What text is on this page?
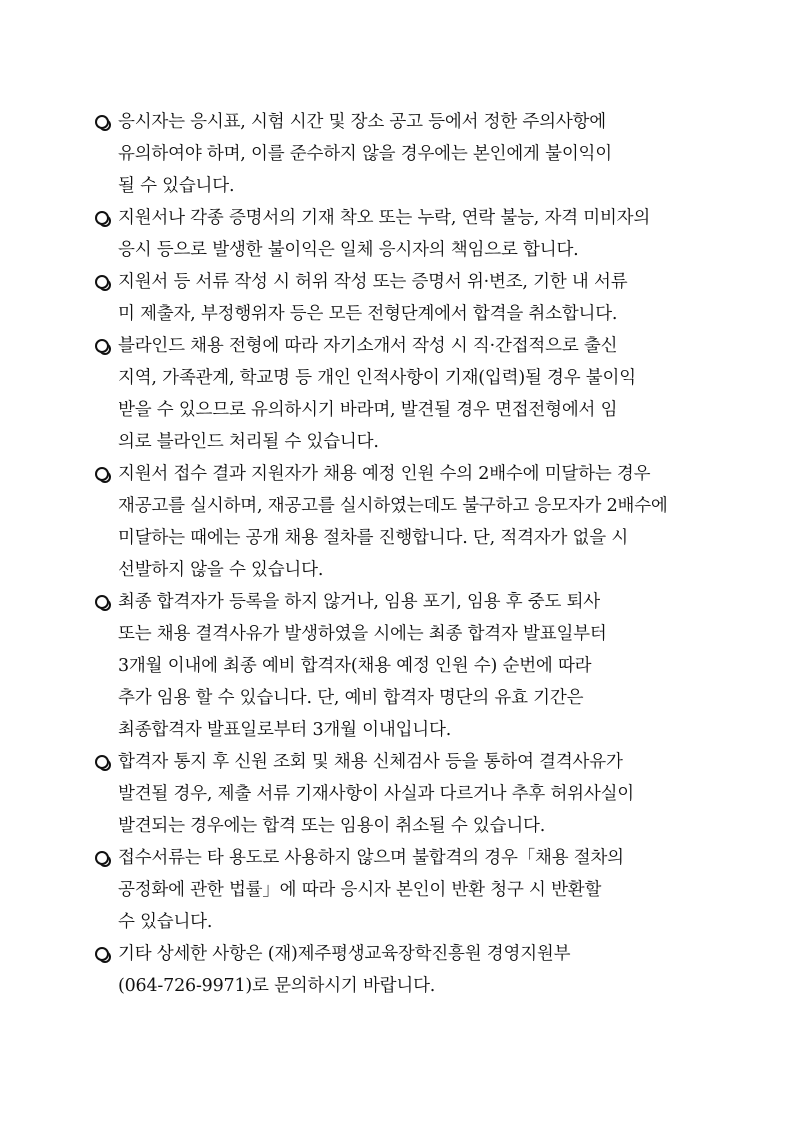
응시자는 응시표, 시험 시간 및 장소 공고 등에서 정한 주의사항에
유의하여야 하며, 이를 준수하지 않을 경우에는 본인에게 불이익이
될 수 있습니다.
지원서나 각종 증명서의 기재 착오 또는 누락, 연락 불능, 자격 미비자의
응시 등으로 발생한 불이익은 일체 응시자의 책임으로 합니다.
지원서 등 서류 작성 시 허위 작성 또는 증명서 위·변조, 기한 내 서류
미 제출자, 부정행위자 등은 모든 전형단계에서 합격을 취소합니다.
블라인드 채용 전형에 따라 자기소개서 작성 시 직·간접적으로 출신
지역, 가족관계, 학교명 등 개인 인적사항이 기재(입력)될 경우 불이익
받을 수 있으므로 유의하시기 바라며, 발견될 경우 면접전형에서 임
의로 블라인드 처리될 수 있습니다.
지원서 접수 결과 지원자가 채용 예정 인원 수의 2배수에 미달하는 경우
재공고를 실시하며, 재공고를 실시하였는데도 불구하고 응모자가 2배수에
미달하는 때에는 공개 채용 절차를 진행합니다. 단, 적격자가 없을 시
선발하지 않을 수 있습니다.
최종 합격자가 등록을 하지 않거나, 임용 포기, 임용 후 중도 퇴사
또는 채용 결격사유가 발생하였을 시에는 최종 합격자 발표일부터
3개월 이내에 최종 예비 합격자(채용 예정 인원 수) 순번에 따라
추가 임용 할 수 있습니다. 단, 예비 합격자 명단의 유효 기간은
최종합격자 발표일로부터 3개월 이내입니다.
합격자 통지 후 신원 조회 및 채용 신체검사 등을 통하여 결격사유가
발견될 경우, 제출 서류 기재사항이 사실과 다르거나 추후 허위사실이
발견되는 경우에는 합격 또는 임용이 취소될 수 있습니다.
접수서류는 타 용도로 사용하지 않으며 불합격의 경우「채용 절차의
공정화에 관한 법률」에 따라 응시자 본인이 반환 청구 시 반환할
수 있습니다.
기타 상세한 사항은 (재)제주평생교육장학진흥원 경영지원부
(064-726-9971)로 문의하시기 바랍니다.
